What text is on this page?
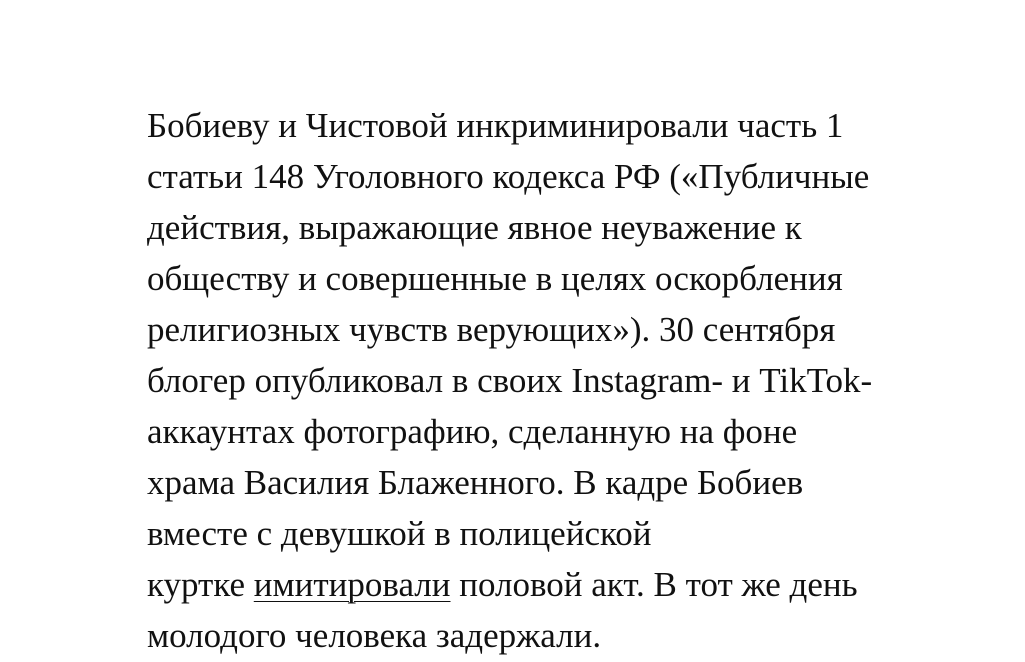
Бобиеву и Чистовой инкриминировали часть 1
статьи 148 Уголовного кодекса РФ («Публичные
действия, выражающие явное неуважение к
обществу и совершенные в целях оскорбления
религиозных чувств верующих»). 30 сентября
блогер опубликовал в своих Instagram- и TikTok-
аккаунтах фотографию, сделанную на фоне
храма Василия Блаженного. В кадре Бобиев
вместе с девушкой в полицейской
куртке имитировали половой акт. В тот же день
молодого человека задержали.
